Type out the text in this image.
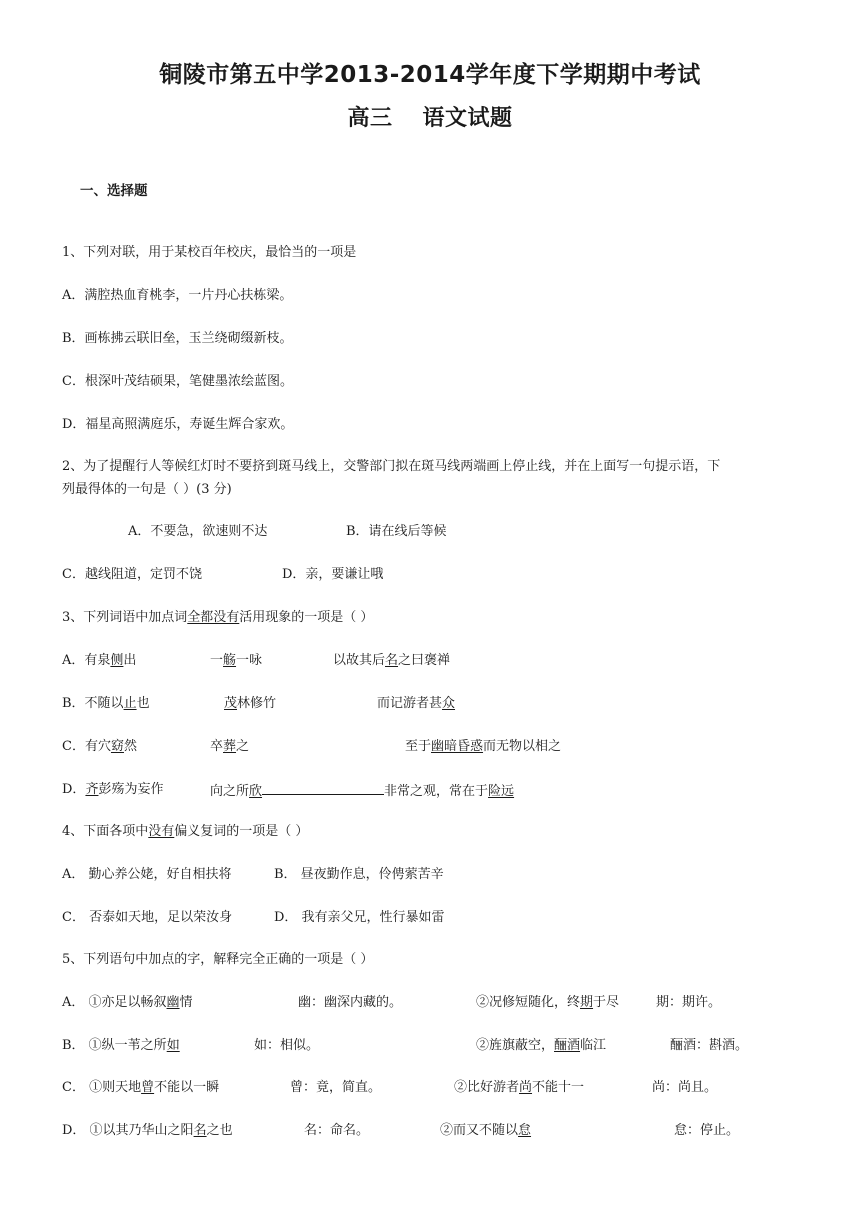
铜陵市第五中学2013-2014学年度下学期期中考试
高三 语文试题
一、选择题
1、下列对联，用于某校百年校庆，最恰当的一项是
A．满腔热血育桃李，一片丹心扶栋梁。
B．画栋拂云联旧垒，玉兰绕砌缀新枝。
C．根深叶茂结硕果，笔健墨浓绘蓝图。
D．福星高照满庭乐，寿诞生辉合家欢。
2、为了提醒行人等候红灯时不要挤到斑马线上，交警部门拟在斑马线两端画上停止线，并在上面写一句提示语，下
列最得体的一句是（ ）(3 分)
A．不要急，欲速则不达	B．请在线后等候
C．越线阻道，定罚不饶	D．亲，要谦让哦
3、下列词语中加点词全都没有活用现象的一项是（ ）
A．有泉侧出	一觞一咏	以故其后名之曰褒禅
B．不随以止也	茂林修竹	而记游者甚众
C．有穴窈然	卒葬之	至于幽暗昏惑而无物以相之
D．齐彭殇为妄作	向之所欣	非常之观，常在于险远
4、下面各项中没有偏义复词的一项是（ ）
A． 勤心养公姥，好自相扶将	B． 昼夜勤作息，伶俜萦苦辛
C． 否泰如天地，足以荣汝身	D． 我有亲父兄，性行暴如雷
5、下列语句中加点的字，解释完全正确的一项是（ ）
A． ①亦足以畅叙幽情	幽：幽深内藏的。	②况修短随化，终期于尽	期：期许。
B． ①纵一苇之所如	如：相似。	②旌旗蔽空，酾酒临江	酾酒：斟酒。
C． ①则天地曾不能以一瞬	曾：竟，简直。	②比好游者尚不能十一	尚：尚且。
D． ①以其乃华山之阳名之也	名：命名。	②而又不随以怠	怠：停止。
